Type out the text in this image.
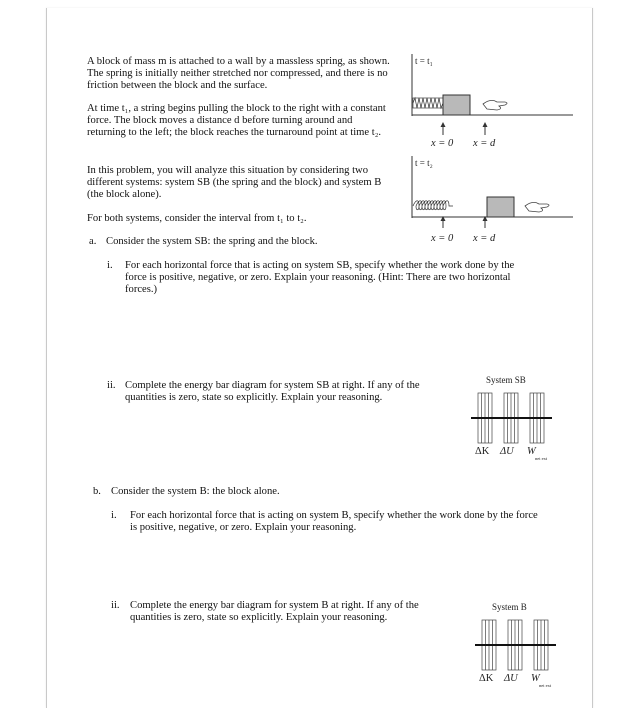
A block of mass m is attached to a wall by a massless spring, as shown. The spring is initially neither stretched nor compressed, and there is no friction between the block and the surface.
At time t₁, a string begins pulling the block to the right with a constant force. The block moves a distance d before turning around and returning to the left; the block reaches the turnaround point at time t₂.
In this problem, you will analyze this situation by considering two different systems: system SB (the spring and the block) and system B (the block alone).
For both systems, consider the interval from t₁ to t₂.
t = t₁
x = 0 x = d
t = t₂
x = 0 x = d
a. Consider the system SB: the spring and the block.
i. For each horizontal force that is acting on system SB, specify whether the work done by the force is positive, negative, or zero. Explain your reasoning. (Hint: There are two horizontal forces.)
ii. Complete the energy bar diagram for system SB at right. If any of the quantities is zero, state so explicitly. Explain your reasoning.
System SB
ΔK ΔU W
net ext
b. Consider the system B: the block alone.
i. For each horizontal force that is acting on system B, specify whether the work done by the force is positive, negative, or zero. Explain your reasoning.
ii. Complete the energy bar diagram for system B at right. If any of the quantities is zero, state so explicitly. Explain your reasoning.
System B
ΔK ΔU W
net ext
